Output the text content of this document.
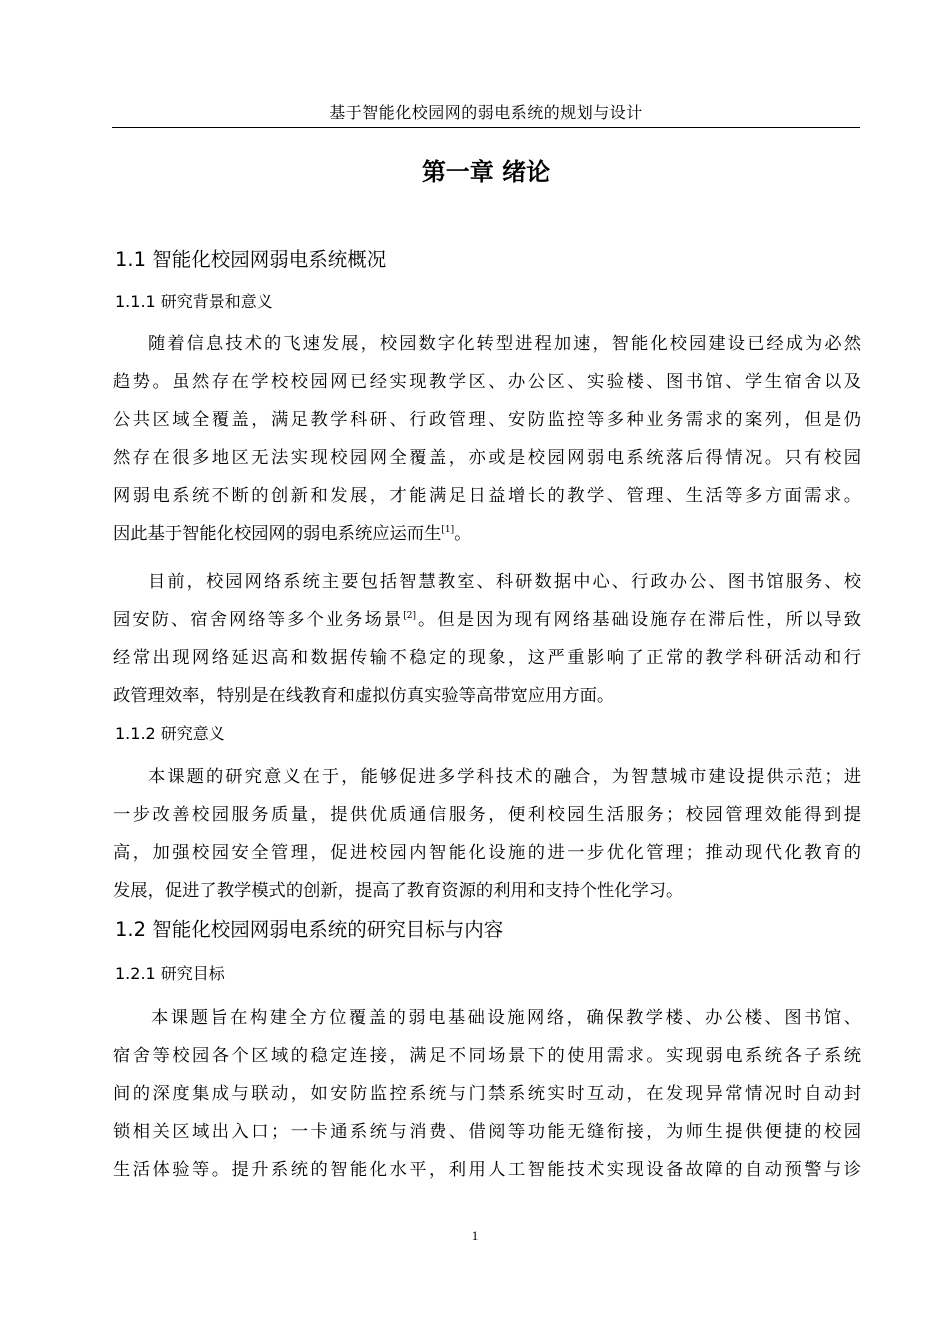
基于智能化校园网的弱电系统的规划与设计
第一章 绪论
1.1 智能化校园网弱电系统概况
1.1.1 研究背景和意义
随着信息技术的飞速发展，校园数字化转型进程加速，智能化校园建设已经成为必然
趋势。虽然存在学校校园网已经实现教学区、办公区、实验楼、图书馆、学生宿舍以及
公共区域全覆盖，满足教学科研、行政管理、安防监控等多种业务需求的案列，但是仍
然存在很多地区无法实现校园网全覆盖，亦或是校园网弱电系统落后得情况。只有校园
网弱电系统不断的创新和发展，才能满足日益增长的教学、管理、生活等多方面需求。
因此基于智能化校园网的弱电系统应运而生[1]。
目前，校园网络系统主要包括智慧教室、科研数据中心、行政办公、图书馆服务、校
园安防、宿舍网络等多个业务场景[2]。但是因为现有网络基础设施存在滞后性，所以导致
经常出现网络延迟高和数据传输不稳定的现象，这严重影响了正常的教学科研活动和行
政管理效率，特别是在线教育和虚拟仿真实验等高带宽应用方面。
1.1.2 研究意义
本课题的研究意义在于，能够促进多学科技术的融合，为智慧城市建设提供示范；进
一步改善校园服务质量，提供优质通信服务，便利校园生活服务；校园管理效能得到提
高，加强校园安全管理，促进校园内智能化设施的进一步优化管理；推动现代化教育的
发展，促进了教学模式的创新，提高了教育资源的利用和支持个性化学习。
1.2 智能化校园网弱电系统的研究目标与内容
1.2.1 研究目标
本课题旨在构建全方位覆盖的弱电基础设施网络，确保教学楼、办公楼、图书馆、
宿舍等校园各个区域的稳定连接，满足不同场景下的使用需求。实现弱电系统各子系统
间的深度集成与联动，如安防监控系统与门禁系统实时互动，在发现异常情况时自动封
锁相关区域出入口；一卡通系统与消费、借阅等功能无缝衔接，为师生提供便捷的校园
生活体验等。提升系统的智能化水平，利用人工智能技术实现设备故障的自动预警与诊
1
